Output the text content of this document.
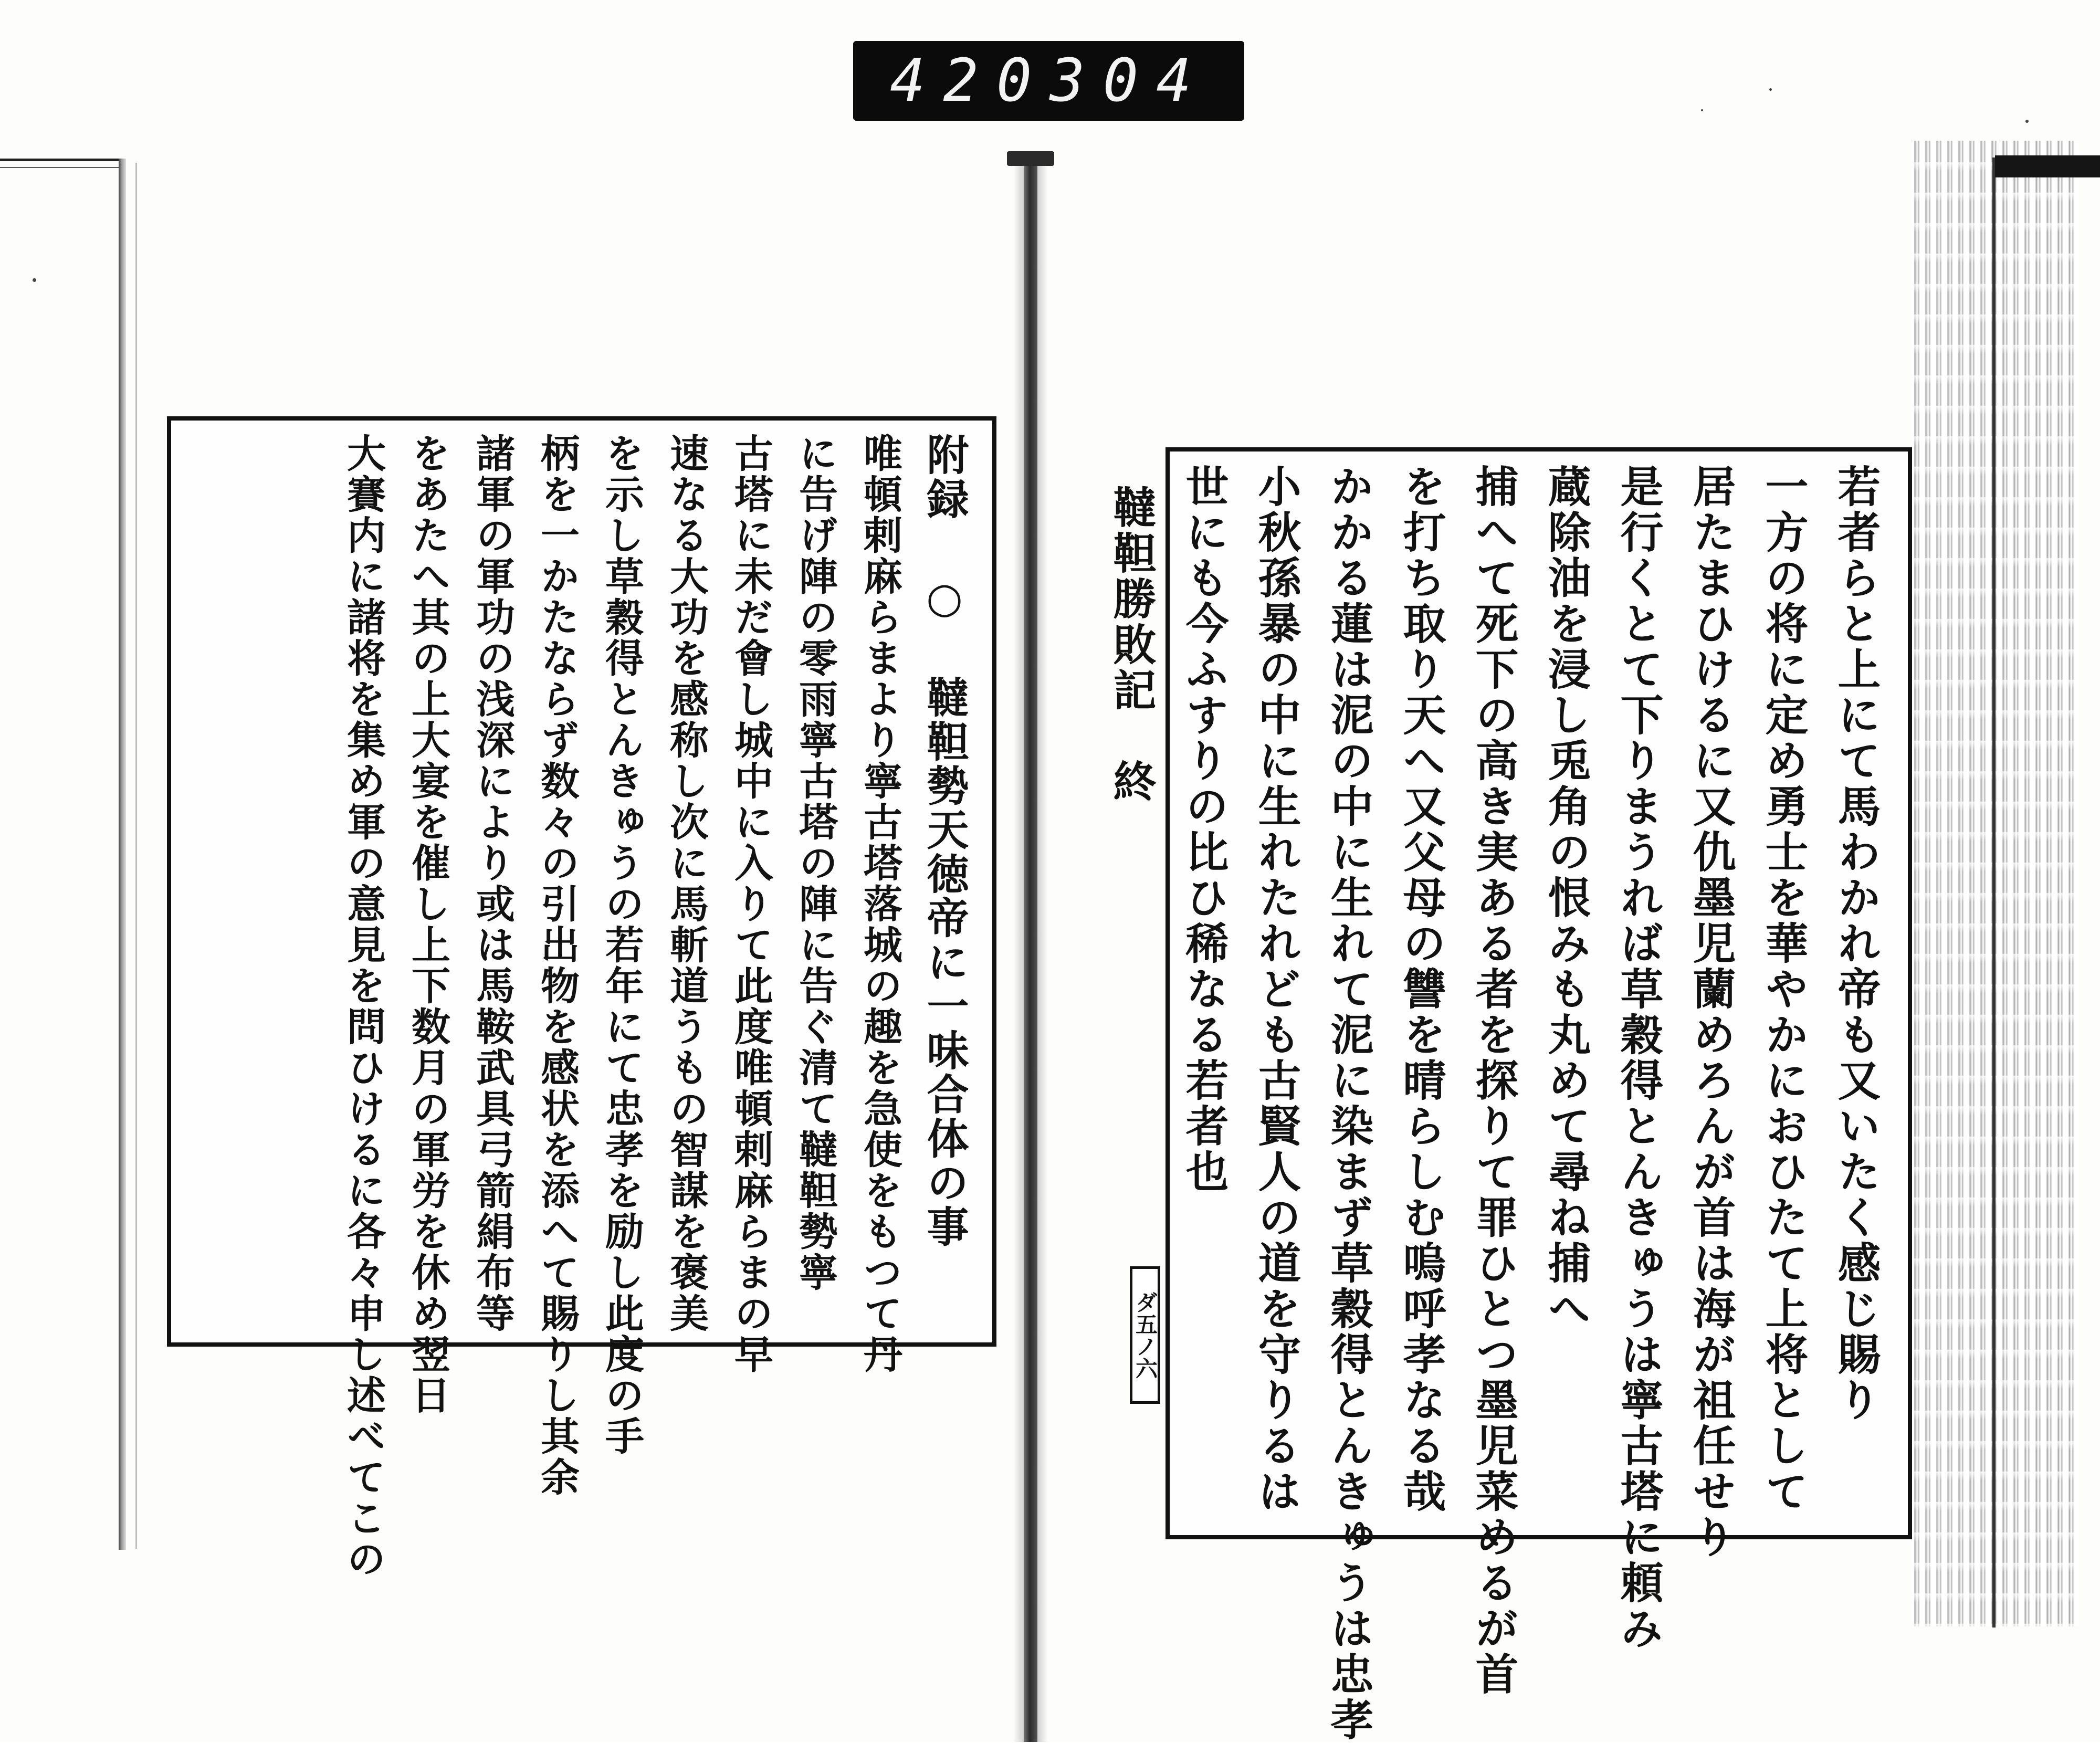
420 304

附録 ○ 韃靼勢天徳帝に一味合体の事

唯頓剌麻らまより寧古塔落城の趣を急使をもつて丹

に告げ陣の零雨寧古塔の陣に告ぐ清て韃靼勢寧

古塔に未だ會し城中に入りて此度唯頓剌麻らまの早

速なる大功を感称し次に馬斬道うもの智謀を褒美

を示し草穀得とんきゅうの若年にて忠孝を励し此度の手

柄を一かたならず数々の引出物を感状を添へて賜りし其余

諸軍の軍功の浅深により或は馬鞍武具弓箭絹布等

をあたへ其の上大宴を催し上下数月の軍労を休め翌日

大賽内に諸将を集め軍の意見を問ひけるに各々申し述べてこの	若者らと上にて馬わかれ帝も又いたく感じ賜り

一方の将に定め勇士を華やかにおひたて上将として

居たまひけるに又仇墨児蘭めろんが首は海が祖任せり

是行くとて下りまうれば草穀得とんきゅうは寧古塔に頼み

蔵除油を浸し兎角の恨みも丸めて尋ね捕へ

捕へて死下の高き実ある者を探りて罪ひとつ墨児菜めるが首

を打ち取り天へ又父母の讐を晴らしむ嗚呼孝なる哉

かかる蓮は泥の中に生れて泥に染まず草穀得とんきゅうは忠孝

小秋孫暴の中に生れたれども古賢人の道を守りるは

世にも今ふすりの比ひ稀なる若者也

韃靼勝敗記　終

ダ五ノ六
